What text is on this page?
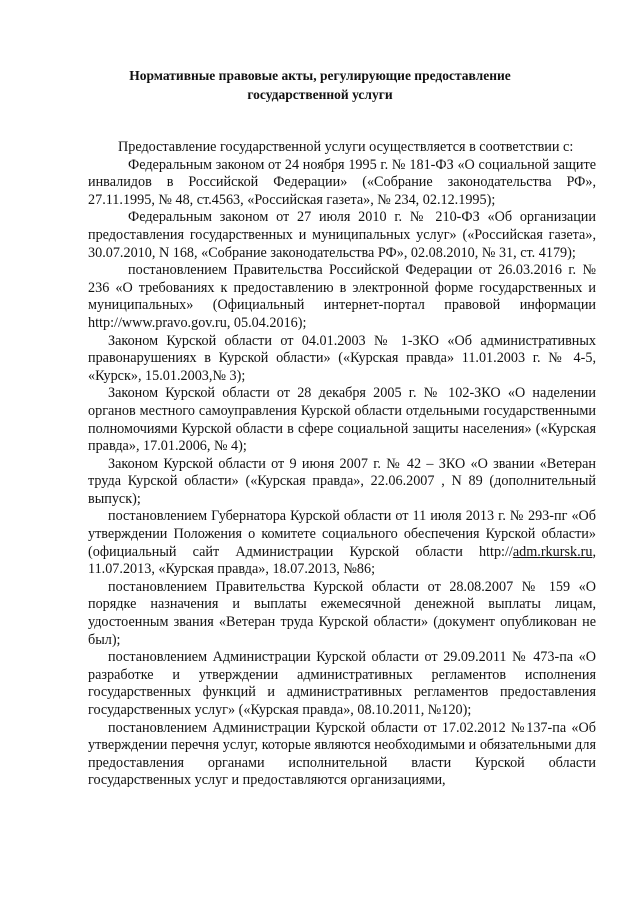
Нормативные правовые акты, регулирующие предоставление
государственной услуги

Предоставление государственной услуги осуществляется в соответствии с:

Федеральным законом от 24 ноября 1995 г. № 181-ФЗ «О социальной защите инвалидов в Российской Федерации» («Собрание законодательства РФ», 27.11.1995, № 48, ст.4563, «Российская газета», № 234, 02.12.1995);

Федеральным законом от 27 июля 2010 г. № 210-ФЗ «Об организации предоставления государственных и муниципальных услуг» («Российская газета», 30.07.2010, N 168, «Собрание законодательства РФ», 02.08.2010, № 31, ст. 4179);

постановлением Правительства Российской Федерации от 26.03.2016 г. № 236 «О требованиях к предоставлению в электронной форме государственных и муниципальных» (Официальный интернет-портал правовой информации http://www.pravo.gov.ru, 05.04.2016);

Законом Курской области от 04.01.2003 № 1-ЗКО «Об административных правонарушениях в Курской области» («Курская правда» 11.01.2003 г. № 4-5, «Курск», 15.01.2003,№ 3);

Законом Курской области от 28 декабря 2005 г. № 102-ЗКО «О наделении органов местного самоуправления Курской области отдельными государственными полномочиями Курской области в сфере социальной защиты населения» («Курская правда», 17.01.2006, № 4);

Законом Курской области от 9 июня 2007 г. № 42 – ЗКО «О звании «Ветеран труда Курской области» («Курская правда», 22.06.2007 , N 89 (дополнительный выпуск);

постановлением Губернатора Курской области от 11 июля 2013 г. № 293-пг «Об утверждении Положения о комитете социального обеспечения Курской области» (официальный сайт Администрации Курской области http://adm.rkursk.ru, 11.07.2013, «Курская правда», 18.07.2013, №86;

постановлением Правительства Курской области от 28.08.2007 № 159 «О порядке назначения и выплаты ежемесячной денежной выплаты лицам, удостоенным звания «Ветеран труда Курской области» (документ опубликован не был);

постановлением Администрации Курской области от 29.09.2011 № 473-па «О разработке и утверждении административных регламентов исполнения государственных функций и административных регламентов предоставления государственных услуг» («Курская правда», 08.10.2011, №120);

постановлением Администрации Курской области от 17.02.2012 №137-па «Об утверждении перечня услуг, которые являются необходимыми и обязательными для предоставления органами исполнительной власти Курской области государственных услуг и предоставляются организациями,
